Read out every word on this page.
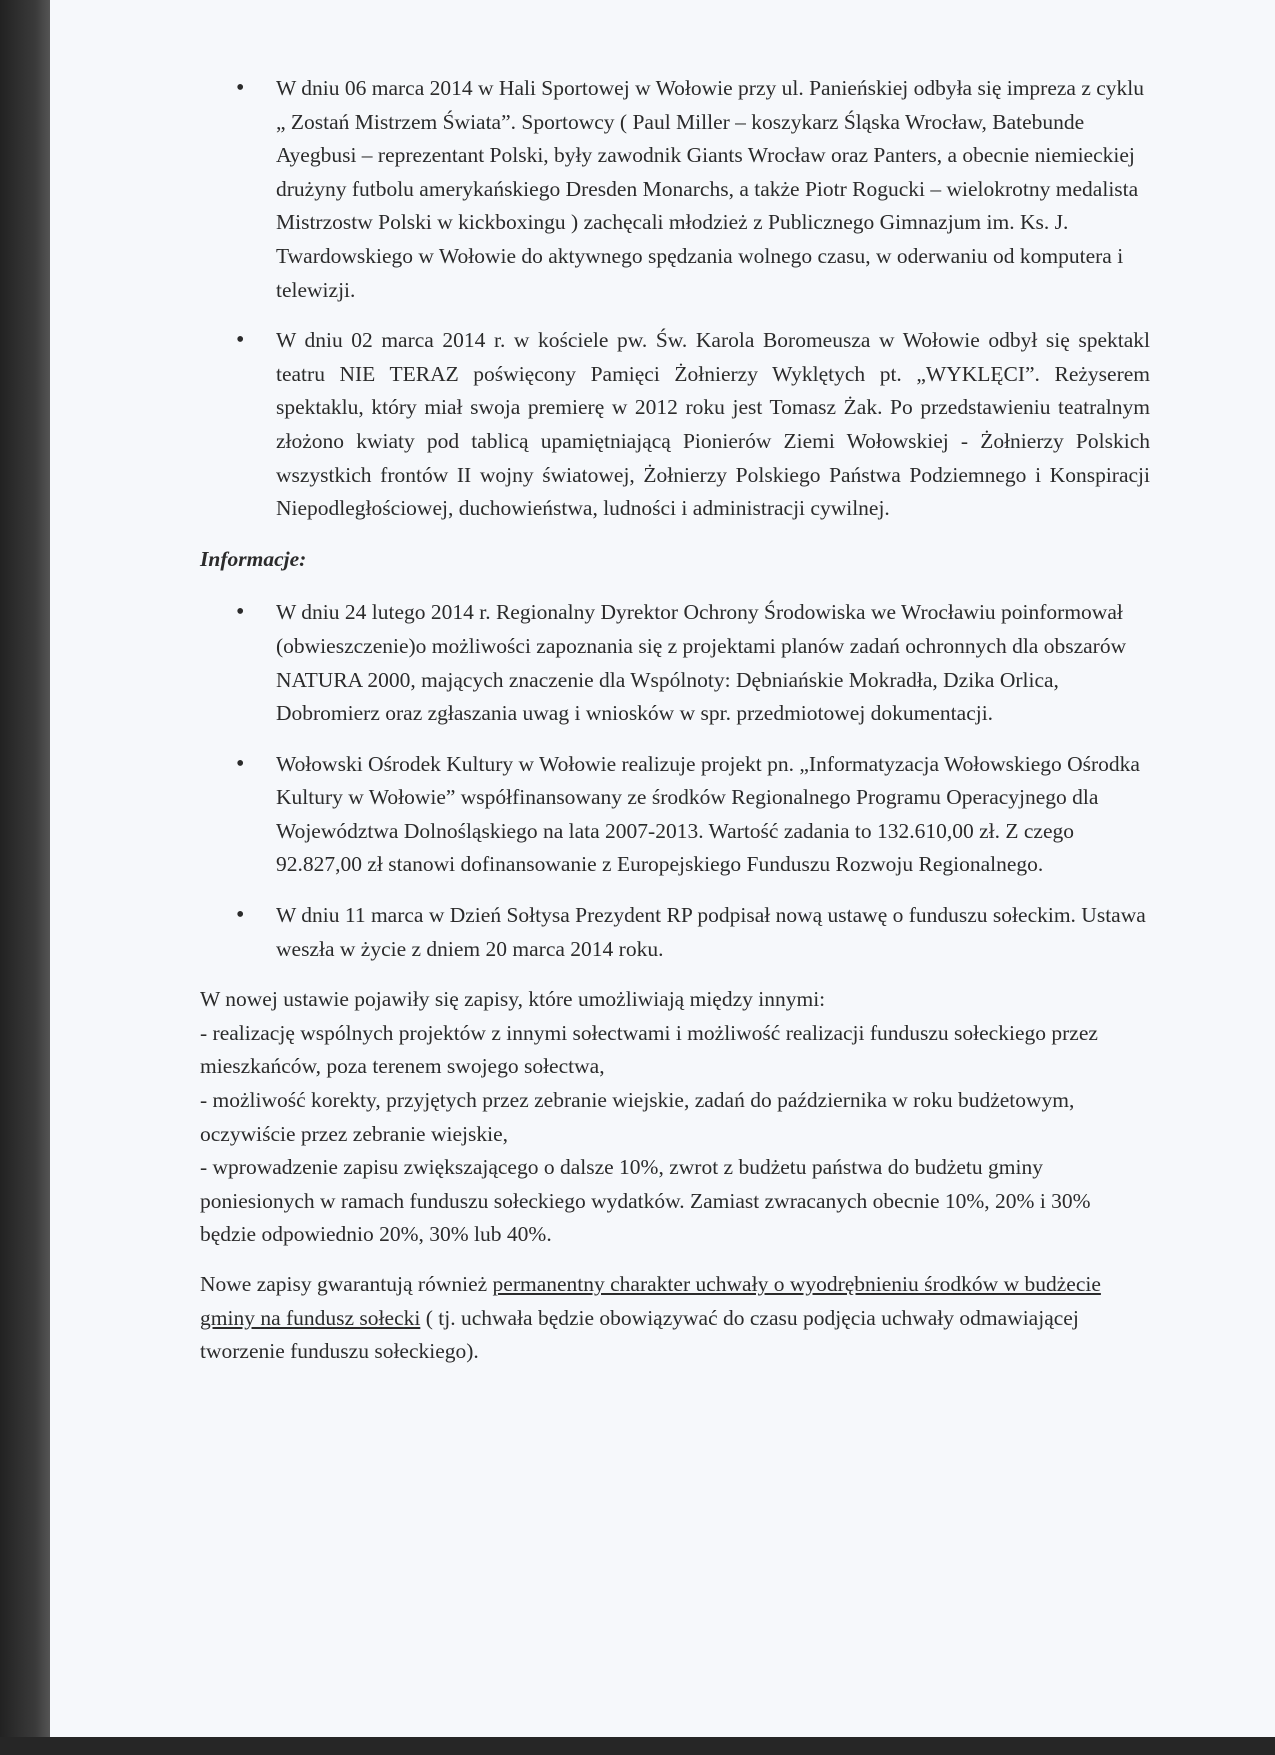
• W dniu 06 marca 2014 w Hali Sportowej w Wołowie przy ul. Panieńskiej odbyła się impreza z cyklu „ Zostań Mistrzem Świata”. Sportowcy ( Paul Miller – koszykarz Śląska Wrocław, Batebunde Ayegbusi – reprezentant Polski, były zawodnik Giants Wrocław oraz Panters, a obecnie niemieckiej drużyny futbolu amerykańskiego Dresden Monarchs, a także Piotr Rogucki – wielokrotny medalista Mistrzostw Polski w kickboxingu ) zachęcali młodzież z Publicznego Gimnazjum im. Ks. J. Twardowskiego w Wołowie do aktywnego spędzania wolnego czasu, w oderwaniu od komputera i telewizji.
• W dniu 02 marca 2014 r. w kościele pw. Św. Karola Boromeusza w Wołowie odbył się spektakl teatru NIE TERAZ poświęcony Pamięci Żołnierzy Wyklętych pt. „WYKLĘCI”. Reżyserem spektaklu, który miał swoja premierę w 2012 roku jest Tomasz Żak. Po przedstawieniu teatralnym złożono kwiaty pod tablicą upamiętniającą Pionierów Ziemi Wołowskiej - Żołnierzy Polskich wszystkich frontów II wojny światowej, Żołnierzy Polskiego Państwa Podziemnego i Konspiracji Niepodległościowej, duchowieństwa, ludności i administracji cywilnej.
Informacje:
• W dniu 24 lutego 2014 r. Regionalny Dyrektor Ochrony Środowiska we Wrocławiu poinformował (obwieszczenie)o możliwości zapoznania się z projektami planów zadań ochronnych dla obszarów NATURA 2000, mających znaczenie dla Wspólnoty: Dębniańskie Mokradła, Dzika Orlica, Dobromierz oraz zgłaszania uwag i wniosków w spr. przedmiotowej dokumentacji.
• Wołowski Ośrodek Kultury w Wołowie realizuje projekt pn. „Informatyzacja Wołowskiego Ośrodka Kultury w Wołowie” współfinansowany ze środków Regionalnego Programu Operacyjnego dla Województwa Dolnośląskiego na lata 2007-2013. Wartość zadania to 132.610,00 zł. Z czego 92.827,00 zł stanowi dofinansowanie z Europejskiego Funduszu Rozwoju Regionalnego.
• W dniu 11 marca w Dzień Sołtysa Prezydent RP podpisał nową ustawę o funduszu sołeckim. Ustawa weszła w życie z dniem 20 marca 2014 roku.
W nowej ustawie pojawiły się zapisy, które umożliwiają między innymi:
- realizację wspólnych projektów z innymi sołectwami i możliwość realizacji funduszu sołeckiego przez mieszkańców, poza terenem swojego sołectwa,
- możliwość korekty, przyjętych przez zebranie wiejskie, zadań do października w roku budżetowym, oczywiście przez zebranie wiejskie,
- wprowadzenie zapisu zwiększającego o dalsze 10%, zwrot z budżetu państwa do budżetu gminy poniesionych w ramach funduszu sołeckiego wydatków. Zamiast zwracanych obecnie 10%, 20% i 30% będzie odpowiednio 20%, 30% lub 40%.

Nowe zapisy gwarantują również permanentny charakter uchwały o wyodrębnieniu środków w budżecie gminy na fundusz sołecki ( tj. uchwała będzie obowiązywać do czasu podjęcia uchwały odmawiającej tworzenie funduszu sołeckiego).
